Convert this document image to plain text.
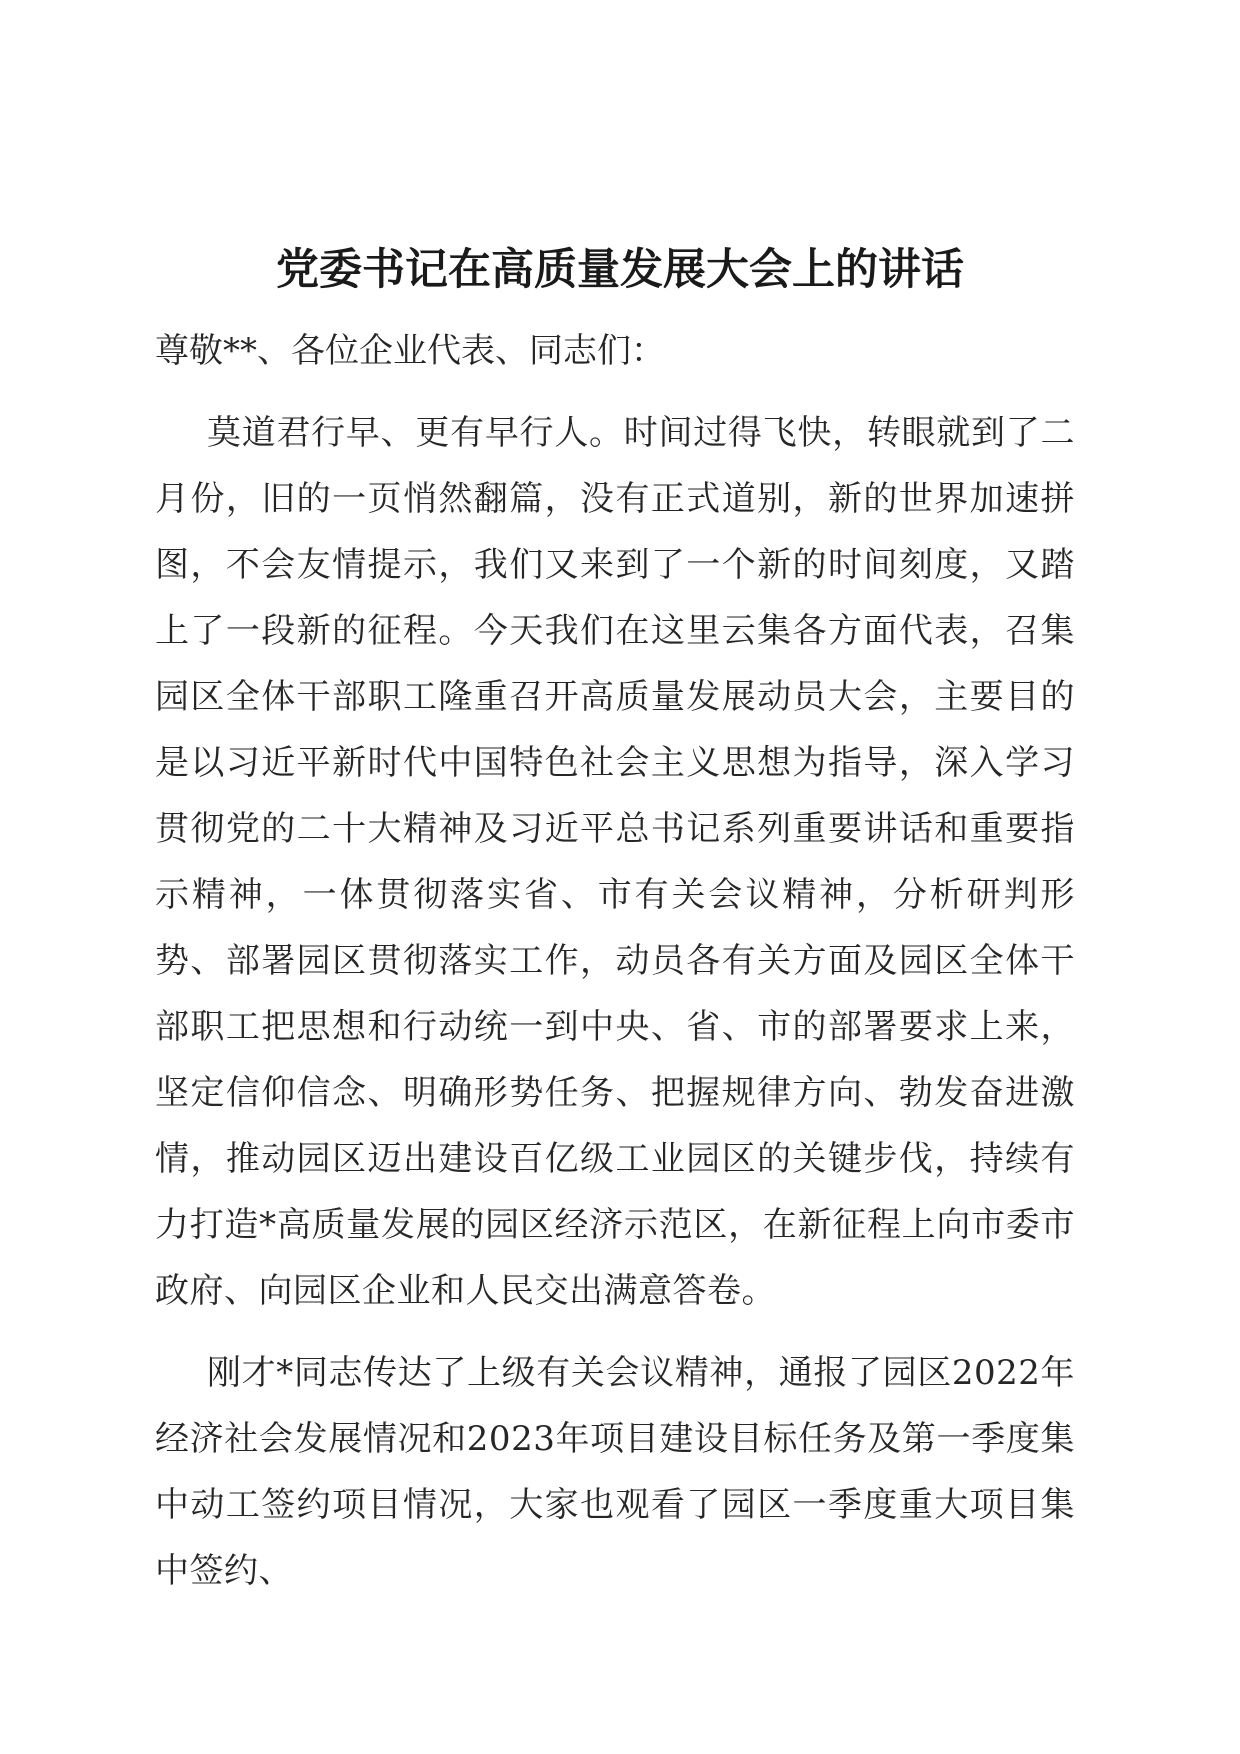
党委书记在高质量发展大会上的讲话

尊敬**、各位企业代表、同志们：

莫道君行早、更有早行人。时间过得飞快，转眼就到了二月份，旧的一页悄然翻篇，没有正式道别，新的世界加速拼图，不会友情提示，我们又来到了一个新的时间刻度，又踏上了一段新的征程。今天我们在这里云集各方面代表，召集园区全体干部职工隆重召开高质量发展动员大会，主要目的是以习近平新时代中国特色社会主义思想为指导，深入学习贯彻党的二十大精神及习近平总书记系列重要讲话和重要指示精神，一体贯彻落实省、市有关会议精神，分析研判形势、部署园区贯彻落实工作，动员各有关方面及园区全体干部职工把思想和行动统一到中央、省、市的部署要求上来，坚定信仰信念、明确形势任务、把握规律方向、勃发奋进激情，推动园区迈出建设百亿级工业园区的关键步伐，持续有力打造*高质量发展的园区经济示范区，在新征程上向市委市政府、向园区企业和人民交出满意答卷。

刚才*同志传达了上级有关会议精神，通报了园区2022年经济社会发展情况和2023年项目建设目标任务及第一季度集中动工签约项目情况，大家也观看了园区一季度重大项目集中签约、
